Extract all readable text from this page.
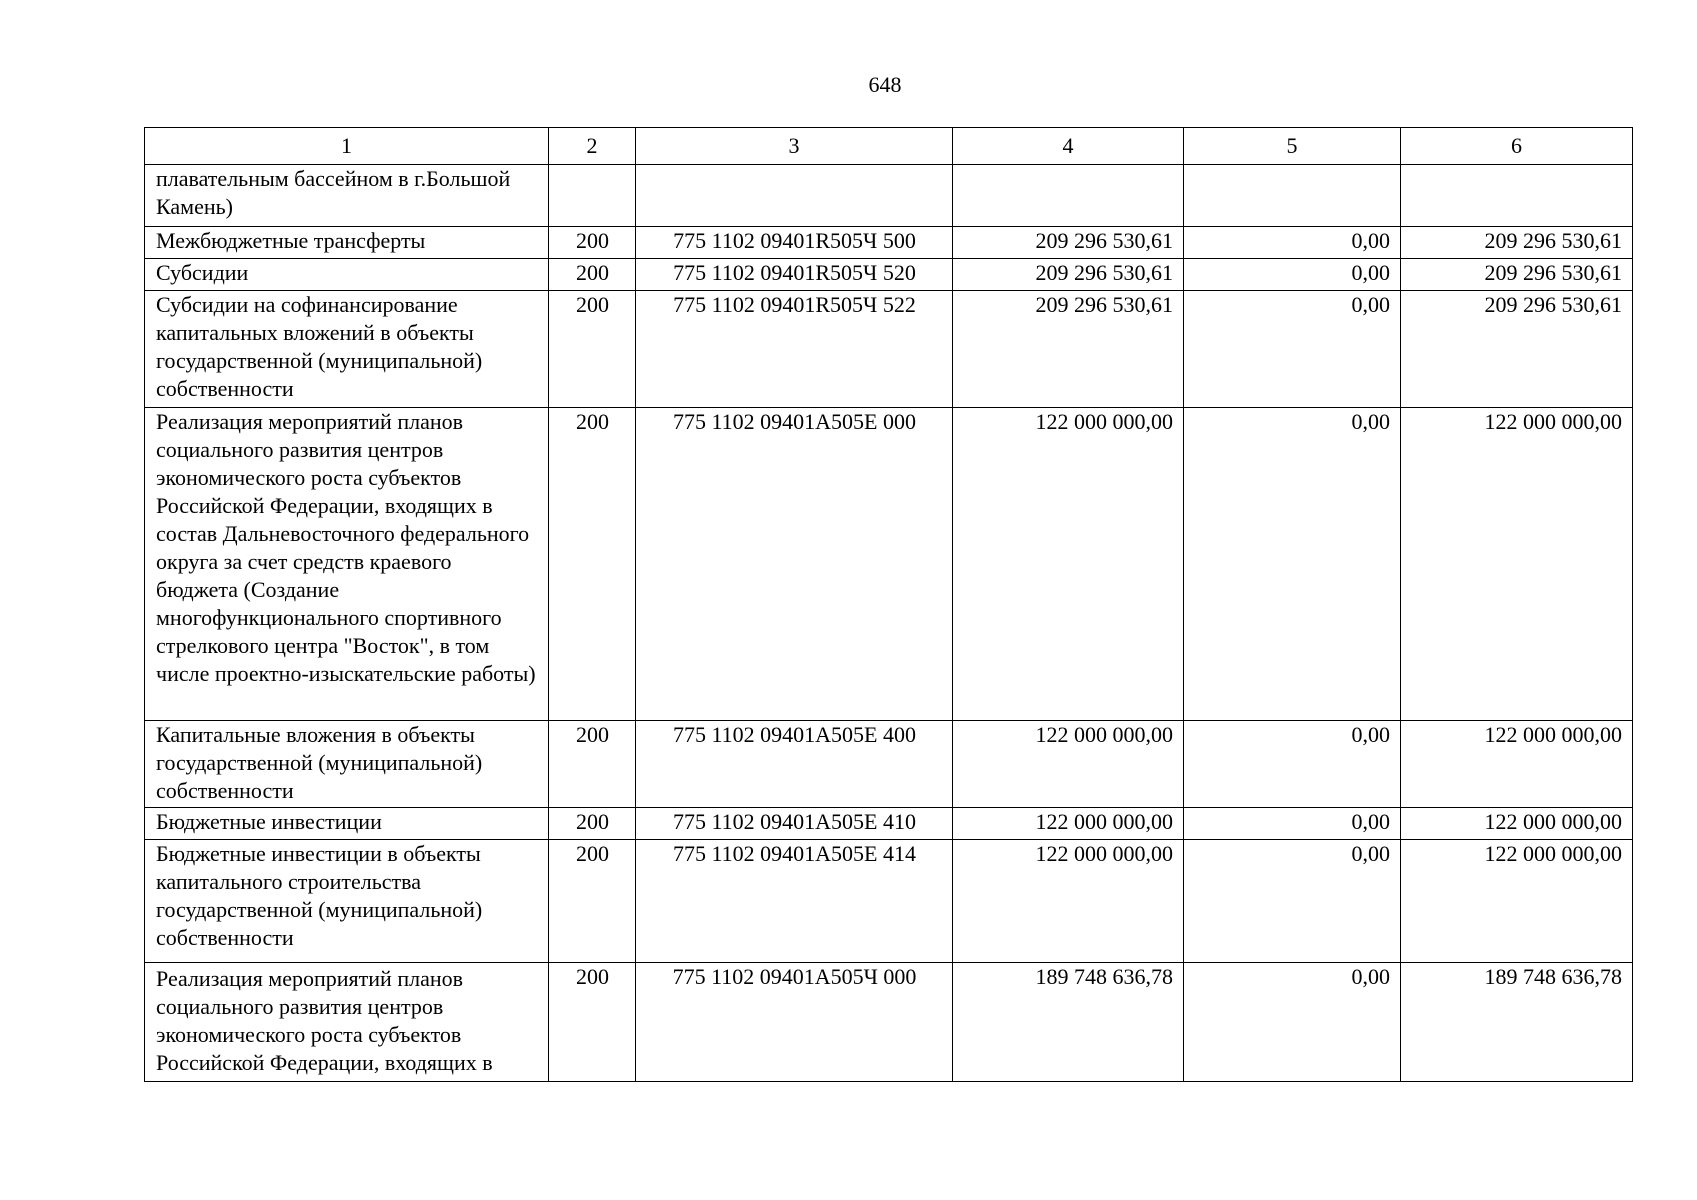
648
1	2	3	4	5	6
плавательным бассейном в г.Большой Камень)					
Межбюджетные трансферты	200	775 1102 09401R505Ч 500	209 296 530,61	0,00	209 296 530,61
Субсидии	200	775 1102 09401R505Ч 520	209 296 530,61	0,00	209 296 530,61
Субсидии на софинансирование капитальных вложений в объекты государственной (муниципальной) собственности	200	775 1102 09401R505Ч 522	209 296 530,61	0,00	209 296 530,61
Реализация мероприятий планов социального развития центров экономического роста субъектов Российской Федерации, входящих в состав Дальневосточного федерального округа за счет средств краевого бюджета (Создание многофункционального спортивного стрелкового центра "Восток", в том числе проектно-изыскательские работы)	200	775 1102 09401А505Е 000	122 000 000,00	0,00	122 000 000,00
Капитальные вложения в объекты государственной (муниципальной) собственности	200	775 1102 09401А505Е 400	122 000 000,00	0,00	122 000 000,00
Бюджетные инвестиции	200	775 1102 09401А505Е 410	122 000 000,00	0,00	122 000 000,00
Бюджетные инвестиции в объекты капитального строительства государственной (муниципальной) собственности	200	775 1102 09401А505Е 414	122 000 000,00	0,00	122 000 000,00
Реализация мероприятий планов социального развития центров экономического роста субъектов Российской Федерации, входящих в	200	775 1102 09401А505Ч 000	189 748 636,78	0,00	189 748 636,78
